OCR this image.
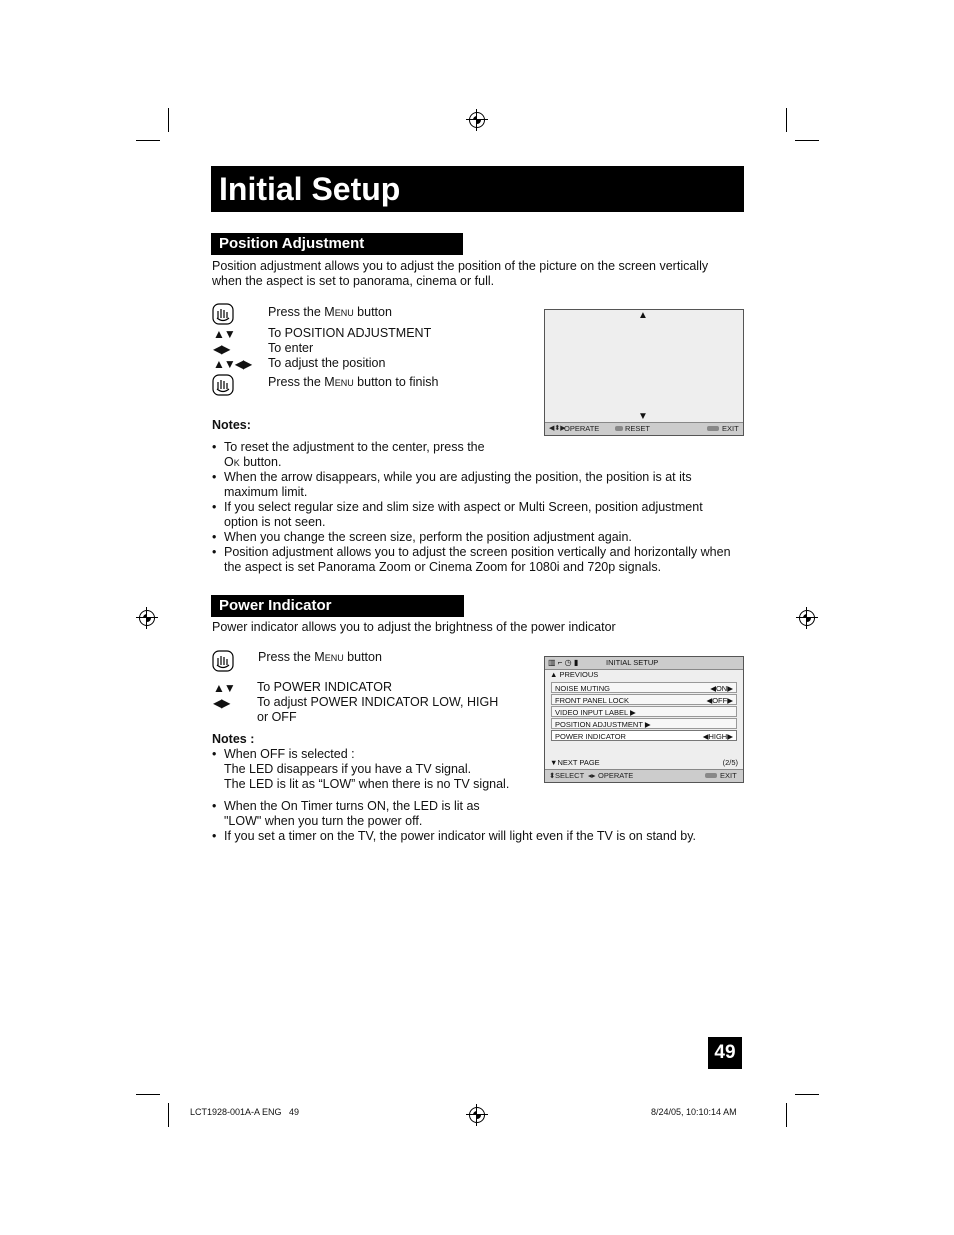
Initial Setup
Position Adjustment
Position adjustment allows you to adjust the position of the picture on the screen vertically
when the aspect is set to panorama, cinema or full.
Press the Menu button
▲▼	To POSITION ADJUSTMENT
◀▶	To enter
▲▼◀▶ To adjust the position
Press the Menu button to finish
▲
▼
◀⬍▶
OPERATE	RESET	EXIT
Notes:
• To reset the adjustment to the center, press the
Ok button.
• When the arrow disappears, while you are adjusting the position, the position is at its
maximum limit.
• If you select regular size and slim size with aspect or Multi Screen, position adjustment
option is not seen.
• When you change the screen size, perform the position adjustment again.
• Position adjustment allows you to adjust the screen position vertically and horizontally when
the aspect is set Panorama Zoom or Cinema Zoom for 1080i and 720p signals.
Power Indicator
Power indicator allows you to adjust the brightness of the power indicator
Press the Menu button
▲▼ To POWER INDICATOR
◀▶ To adjust POWER INDICATOR LOW, HIGH
or OFF
Notes :
• When OFF is selected :
The LED disappears if you have a TV signal.
The LED is lit as “LOW” when there is no TV signal.
• When the On Timer turns ON, the LED is lit as
"LOW" when you turn the power off.
• If you set a timer on the TV, the power indicator will light even if the TV is on stand by.
▥ ⌐ ◷ ▮	INITIAL SETUP
▲ PREVIOUS
NOISE MUTING	◀ON▶
FRONT PANEL LOCK	◀OFF▶
VIDEO INPUT LABEL ▶
POSITION ADJUSTMENT ▶
POWER INDICATOR	◀HIGH▶
▼NEXT PAGE	(2/5)
⬍ SELECT ◂▸ OPERATE	EXIT
49
LCT1928-001A-A ENG   49	8/24/05, 10:10:14 AM
